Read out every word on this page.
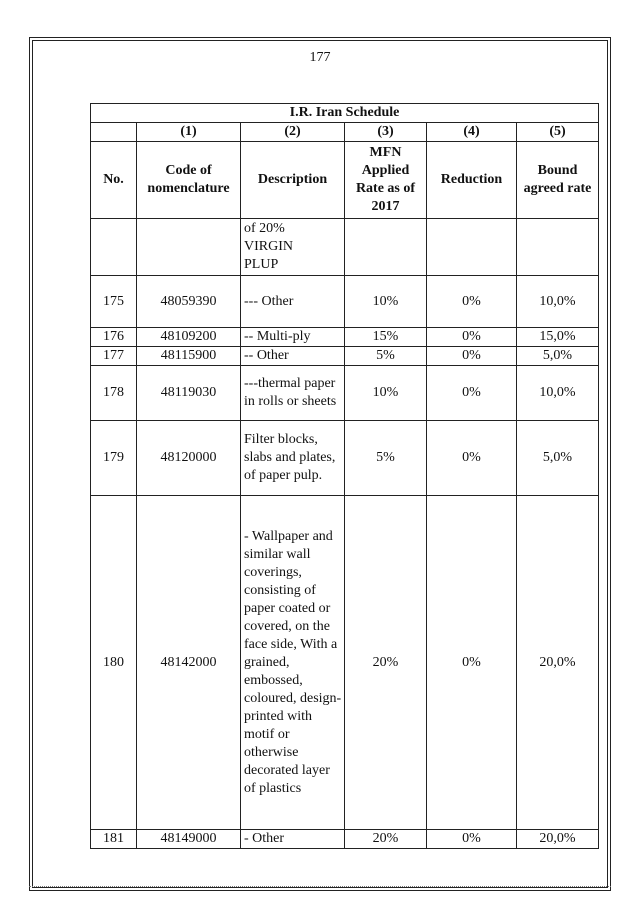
177
I.R. Iran Schedule					
	(1)	(2)	(3)	(4)	(5)
No.	Code of nomenclature	Description	MFN Applied Rate as of 2017	Reduction	Bound agreed rate
		of 20% VIRGIN PLUP			
175	48059390	--- Other	10%	0%	10,0%
176	48109200	-- Multi-ply	15%	0%	15,0%
177	48115900	-- Other	5%	0%	5,0%
178	48119030	---thermal paper in rolls or sheets	10%	0%	10,0%
179	48120000	Filter blocks, slabs and plates, of paper pulp.	5%	0%	5,0%
180	48142000	- Wallpaper and similar wall coverings, consisting of paper coated or covered, on the face side, With a grained, embossed, coloured, design-printed with motif or otherwise decorated layer of plastics	20%	0%	20,0%
181	48149000	- Other	20%	0%	20,0%
